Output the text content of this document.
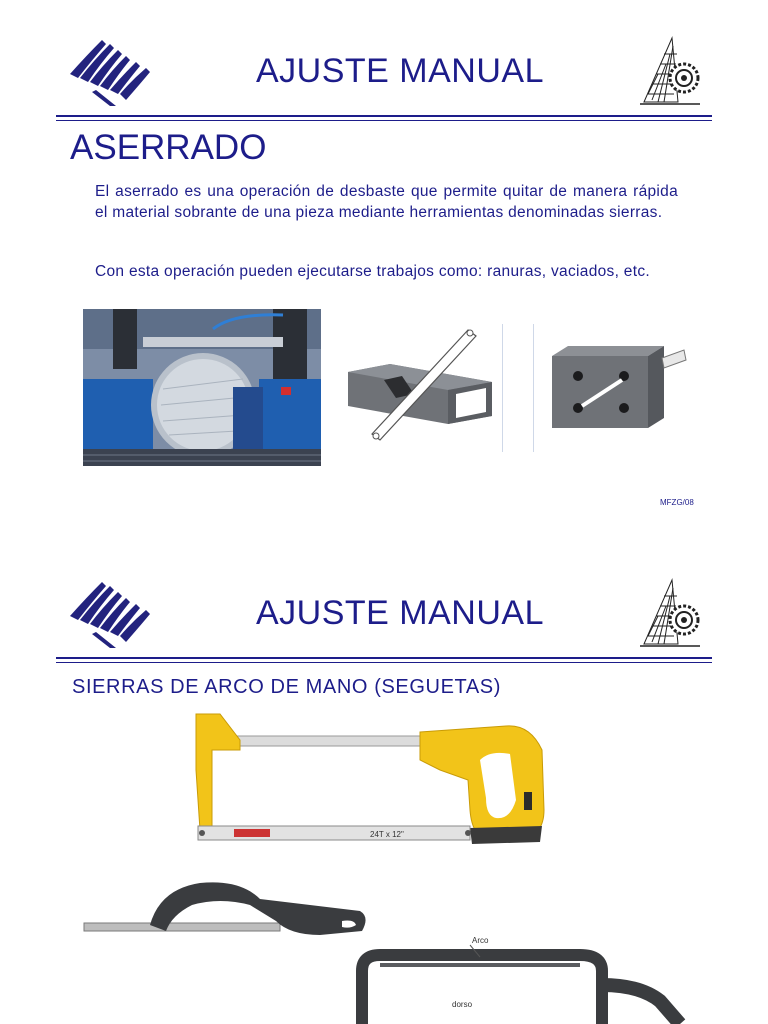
AJUSTE MANUAL
ASERRADO

El aserrado es una operación de desbaste que permite quitar de manera rápida el material sobrante de una pieza mediante herramientas denominadas sierras.

Con esta operación pueden ejecutarse trabajos como: ranuras, vaciados, etc.

MFZG/08
AJUSTE MANUAL
SIERRAS DE ARCO DE MANO (SEGUETAS)
24T x 12"
Arco
dorso
